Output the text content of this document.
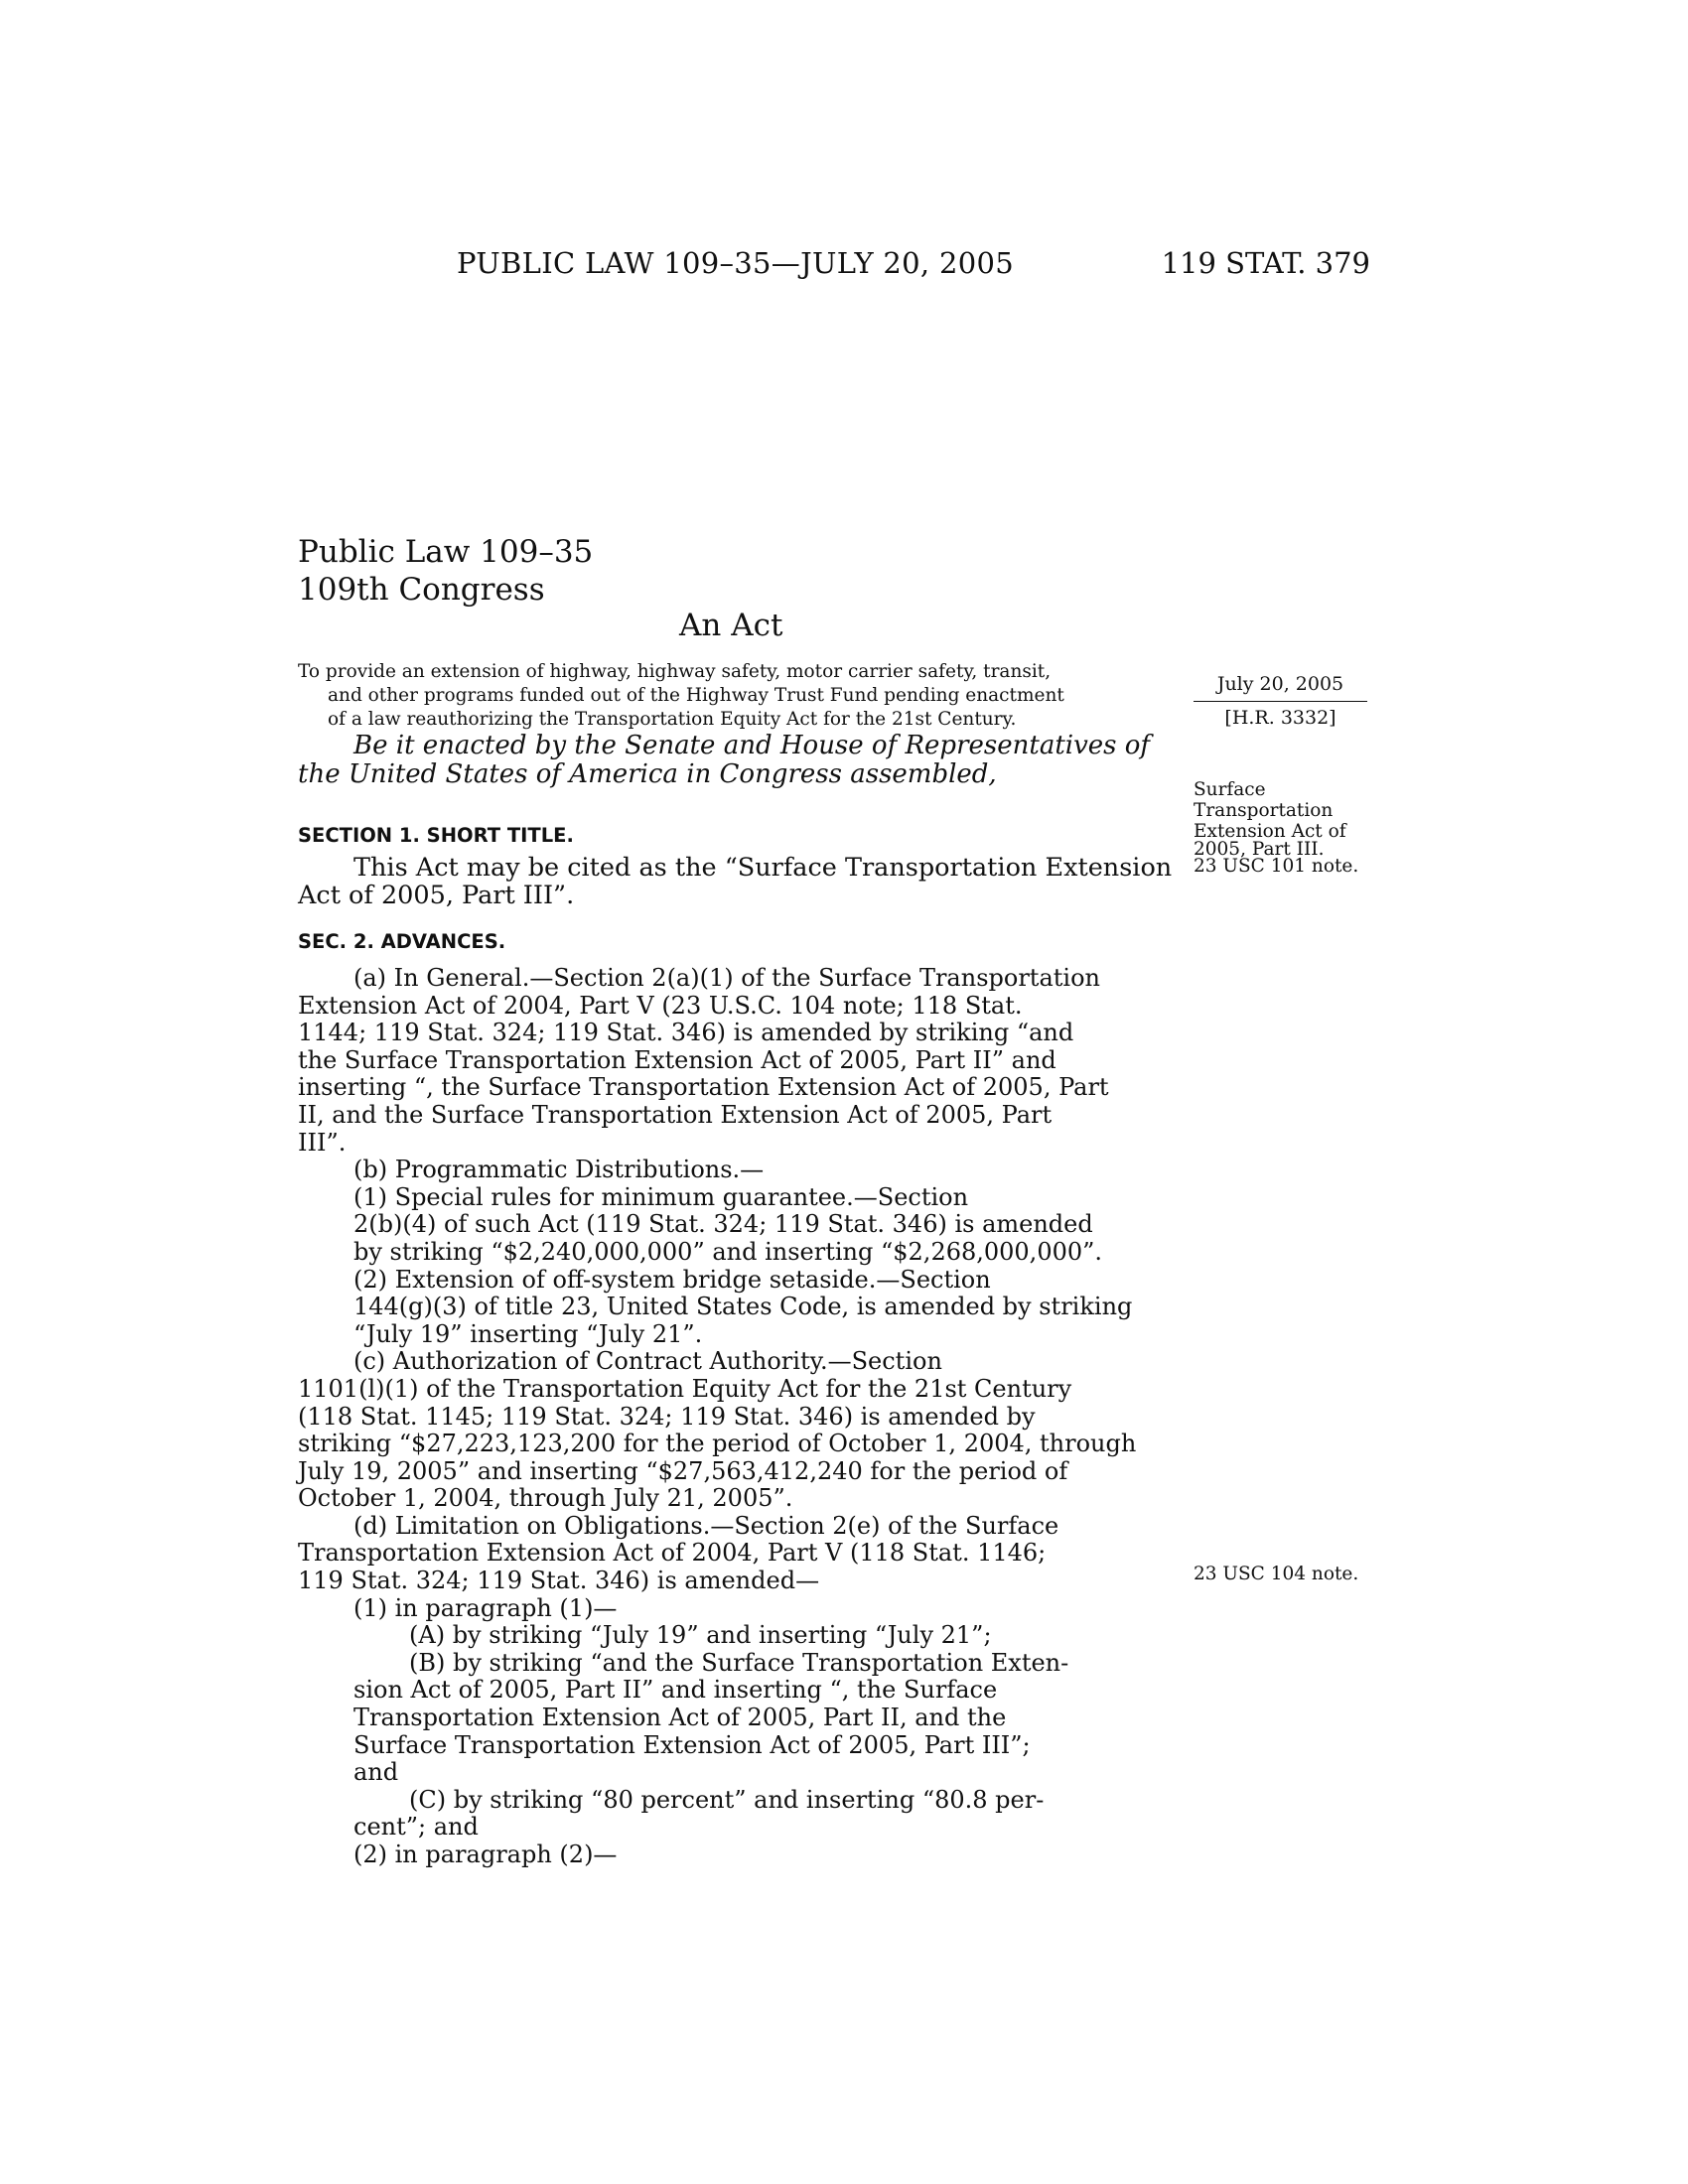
PUBLIC LAW 109–35—JULY 20, 2005	119 STAT. 379
Public Law 109–35
109th Congress
An Act
To provide an extension of highway, highway safety, motor carrier safety, transit,
and other programs funded out of the Highway Trust Fund pending enactment
of a law reauthorizing the Transportation Equity Act for the 21st Century.
July 20, 2005
[H.R. 3332]
Be it enacted by the Senate and House of Representatives of
the United States of America in Congress assembled,
Surface
Transportation
Extension Act of
2005, Part III.
23 USC 101 note.
SECTION 1. SHORT TITLE.
This Act may be cited as the “Surface Transportation Extension
Act of 2005, Part III”.
SEC. 2. ADVANCES.
(a) In General.—Section 2(a)(1) of the Surface Transportation
Extension Act of 2004, Part V (23 U.S.C. 104 note; 118 Stat.
1144; 119 Stat. 324; 119 Stat. 346) is amended by striking “and
the Surface Transportation Extension Act of 2005, Part II” and
inserting “, the Surface Transportation Extension Act of 2005, Part
II, and the Surface Transportation Extension Act of 2005, Part
III”.
(b) Programmatic Distributions.—
(1) Special rules for minimum guarantee.—Section
2(b)(4) of such Act (119 Stat. 324; 119 Stat. 346) is amended
by striking “$2,240,000,000” and inserting “$2,268,000,000”.
(2) Extension of off-system bridge setaside.—Section
144(g)(3) of title 23, United States Code, is amended by striking
“July 19” inserting “July 21”.
(c) Authorization of Contract Authority.—Section
1101(l)(1) of the Transportation Equity Act for the 21st Century
(118 Stat. 1145; 119 Stat. 324; 119 Stat. 346) is amended by
striking “$27,223,123,200 for the period of October 1, 2004, through
July 19, 2005” and inserting “$27,563,412,240 for the period of
October 1, 2004, through July 21, 2005”.
(d) Limitation on Obligations.—Section 2(e) of the Surface
Transportation Extension Act of 2004, Part V (118 Stat. 1146;
119 Stat. 324; 119 Stat. 346) is amended—
(1) in paragraph (1)—
(A) by striking “July 19” and inserting “July 21”;
(B) by striking “and the Surface Transportation Exten-
sion Act of 2005, Part II” and inserting “, the Surface
Transportation Extension Act of 2005, Part II, and the
Surface Transportation Extension Act of 2005, Part III”;
and
(C) by striking “80 percent” and inserting “80.8 per-
cent”; and
(2) in paragraph (2)—
23 USC 104 note.
